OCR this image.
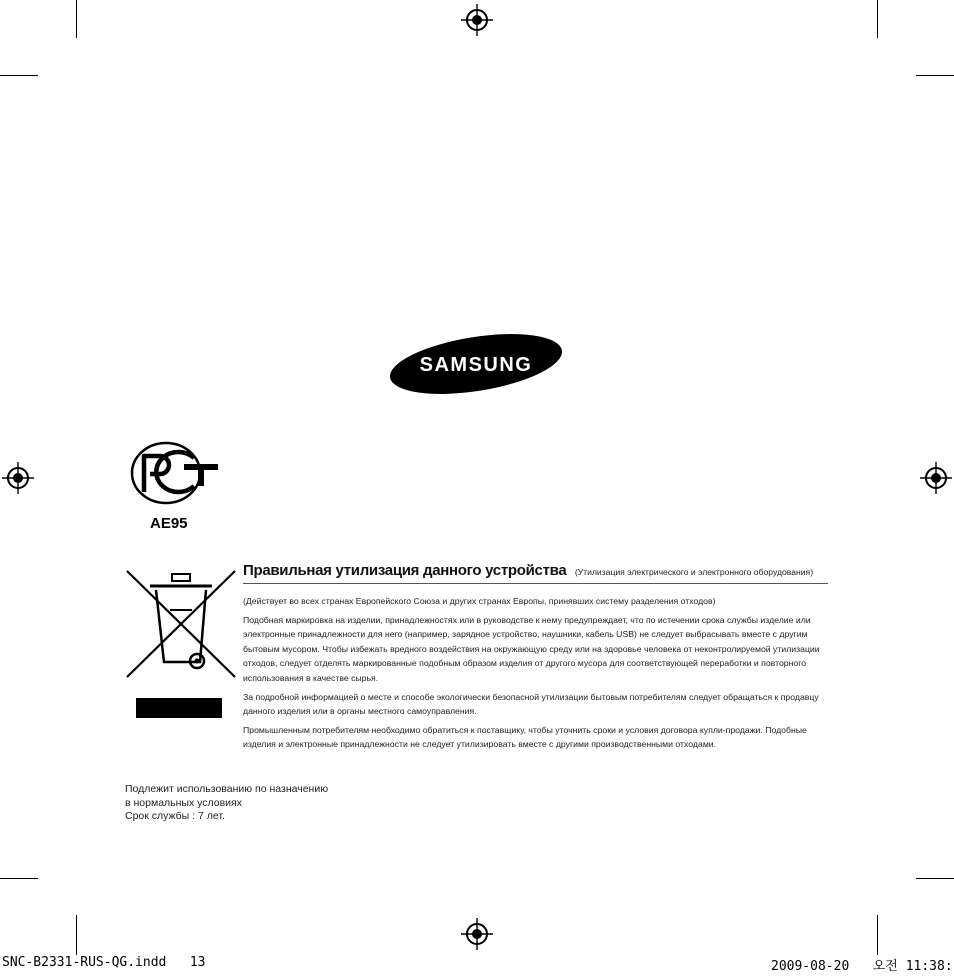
SAMSUNG
AE95
Правильная утилизация данного устройства (Утилизация электрического и электронного оборудования)

(Действует во всех странах Европейского Союза и других странах Европы, принявших систему разделения отходов)

Подобная маркировка на изделии, принадлежностях или в руководстве к нему предупреждает, что по истечении срока службы изделие или электронные принадлежности для него (например, зарядное устройство, наушники, кабель USB) не следует выбрасывать вместе с другим бытовым мусором. Чтобы избежать вредного воздействия на окружающую среду или на здоровье человека от неконтролируемой утилизации отходов, следует отделять маркированные подобным образом изделия от другого мусора для соответствующей переработки и повторного использования в качестве сырья.

За подробной информацией о месте и способе экологически безопасной утилизации бытовым потребителям следует обращаться к продавцу данного изделия или в органы местного самоуправления.

Промышленным потребителям необходимо обратиться к поставщику, чтобы уточнить сроки и условия договора купли-продажи. Подобные изделия и электронные принадлежности не следует утилизировать вместе с другими производственными отходами.

Подлежит использованию по назначению
в нормальных условиях
Срок службы : 7 лет.
SNC-B2331-RUS-QG.indd   13	2009-08-20   오전 11:38:
